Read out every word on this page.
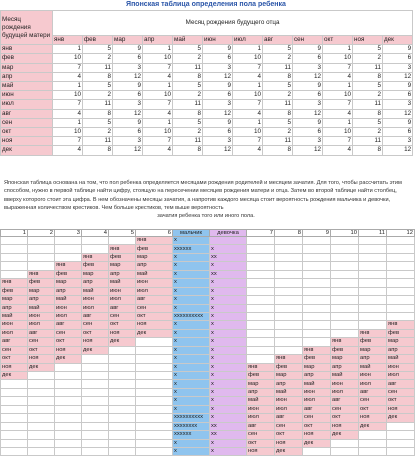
Японская таблица определения пола ребенка
Месяц рождения будущей матери	Месяц рождения будущего отца											
	янв	фев	мар	апр	май	июн	июл	авг	сен	окт	ноя	дек
янв	1	5	9	1	5	9	1	5	9	1	5	9
фев	10	2	6	10	2	6	10	2	6	10	2	6
мар	7	11	3	7	11	3	7	11	3	7	11	3
апр	4	8	12	4	8	12	4	8	12	4	8	12
май	1	5	9	1	5	9	1	5	9	1	5	9
июн	10	2	6	10	2	6	10	2	6	10	2	6
июл	7	11	3	7	11	3	7	11	3	7	11	3
авг	4	8	12	4	8	12	4	8	12	4	8	12
сен	1	5	9	1	5	9	1	5	9	1	5	9
окт	10	2	6	10	2	6	10	2	6	10	2	6
ноя	7	11	3	7	11	3	7	11	3	7	11	3
дек	4	8	12	4	8	12	4	8	12	4	8	12
Японская таблица основана на том, что пол ребенка определяется месяцами рождения родителей и месяцем зачатия. Для того, чтобы рассчитать этим способом, нужно в первой таблице найти цифру, стоящую на пересечении месяцев рождения матери и отца. Затем во второй таблице найти столбец, вверху которого стоит эта цифра. В нем обозначены месяцы зачатия, а напротив каждого месяца стоит вероятность рождения мальчика и девочки, выраженная количеством крестиков. Чем больше крестиков, тем выше вероятность
зачатия ребенка того или иного пола.
1	2	3	4	5	6	мальчик	девочка	7	8	9	10	11	12
					янв	x							
				янв	фев	xxxxxx	x						
			янв	фев	мар	x	xx						
		янв	фев	мар	апр	x	x						
	янв	фев	мар	апр	май	x	xx						
янв	фев	мар	апр	май	июн	x	x						
фев	мар	апр	май	июн	июл	x	x						
мар	апр	май	июн	июл	авг	x	x						
апр	май	июн	июл	авг	сен	x	x						
май	июн	июл	авг	сен	окт	xxxxxxxxxx	x						
июн	июл	авг	сен	окт	ноя	x	x						янв
июл	авг	сен	окт	ноя	дек	x	x					янв	фев
авг	сен	окт	ноя	дек		x	x				янв	фев	мар
сен	окт	ноя	дек			x	x			янв	фев	мар	апр
окт	ноя	дек				x	x		янв	фев	мар	апр	май
ноя	дек					x	x	янв	фев	мар	апр	май	июн
дек						x	x	фев	мар	апр	май	июн	июл
						x	x	мар	апр	май	июн	июл	авг
						x	x	апр	май	июн	июл	авг	сен
						x	x	май	июн	июл	авг	сен	окт
						x	x	июн	июл	авг	сен	окт	ноя
						xxxxxxxxxx	x	июл	авг	сен	окт	ноя	дек
						xxxxxxxx	xx	авг	сен	окт	ноя	дек	
						xxxxxx	xx	сен	окт	ноя	дек		
						x	x	окт	ноя	дек			
						x	x	ноя	дек				
